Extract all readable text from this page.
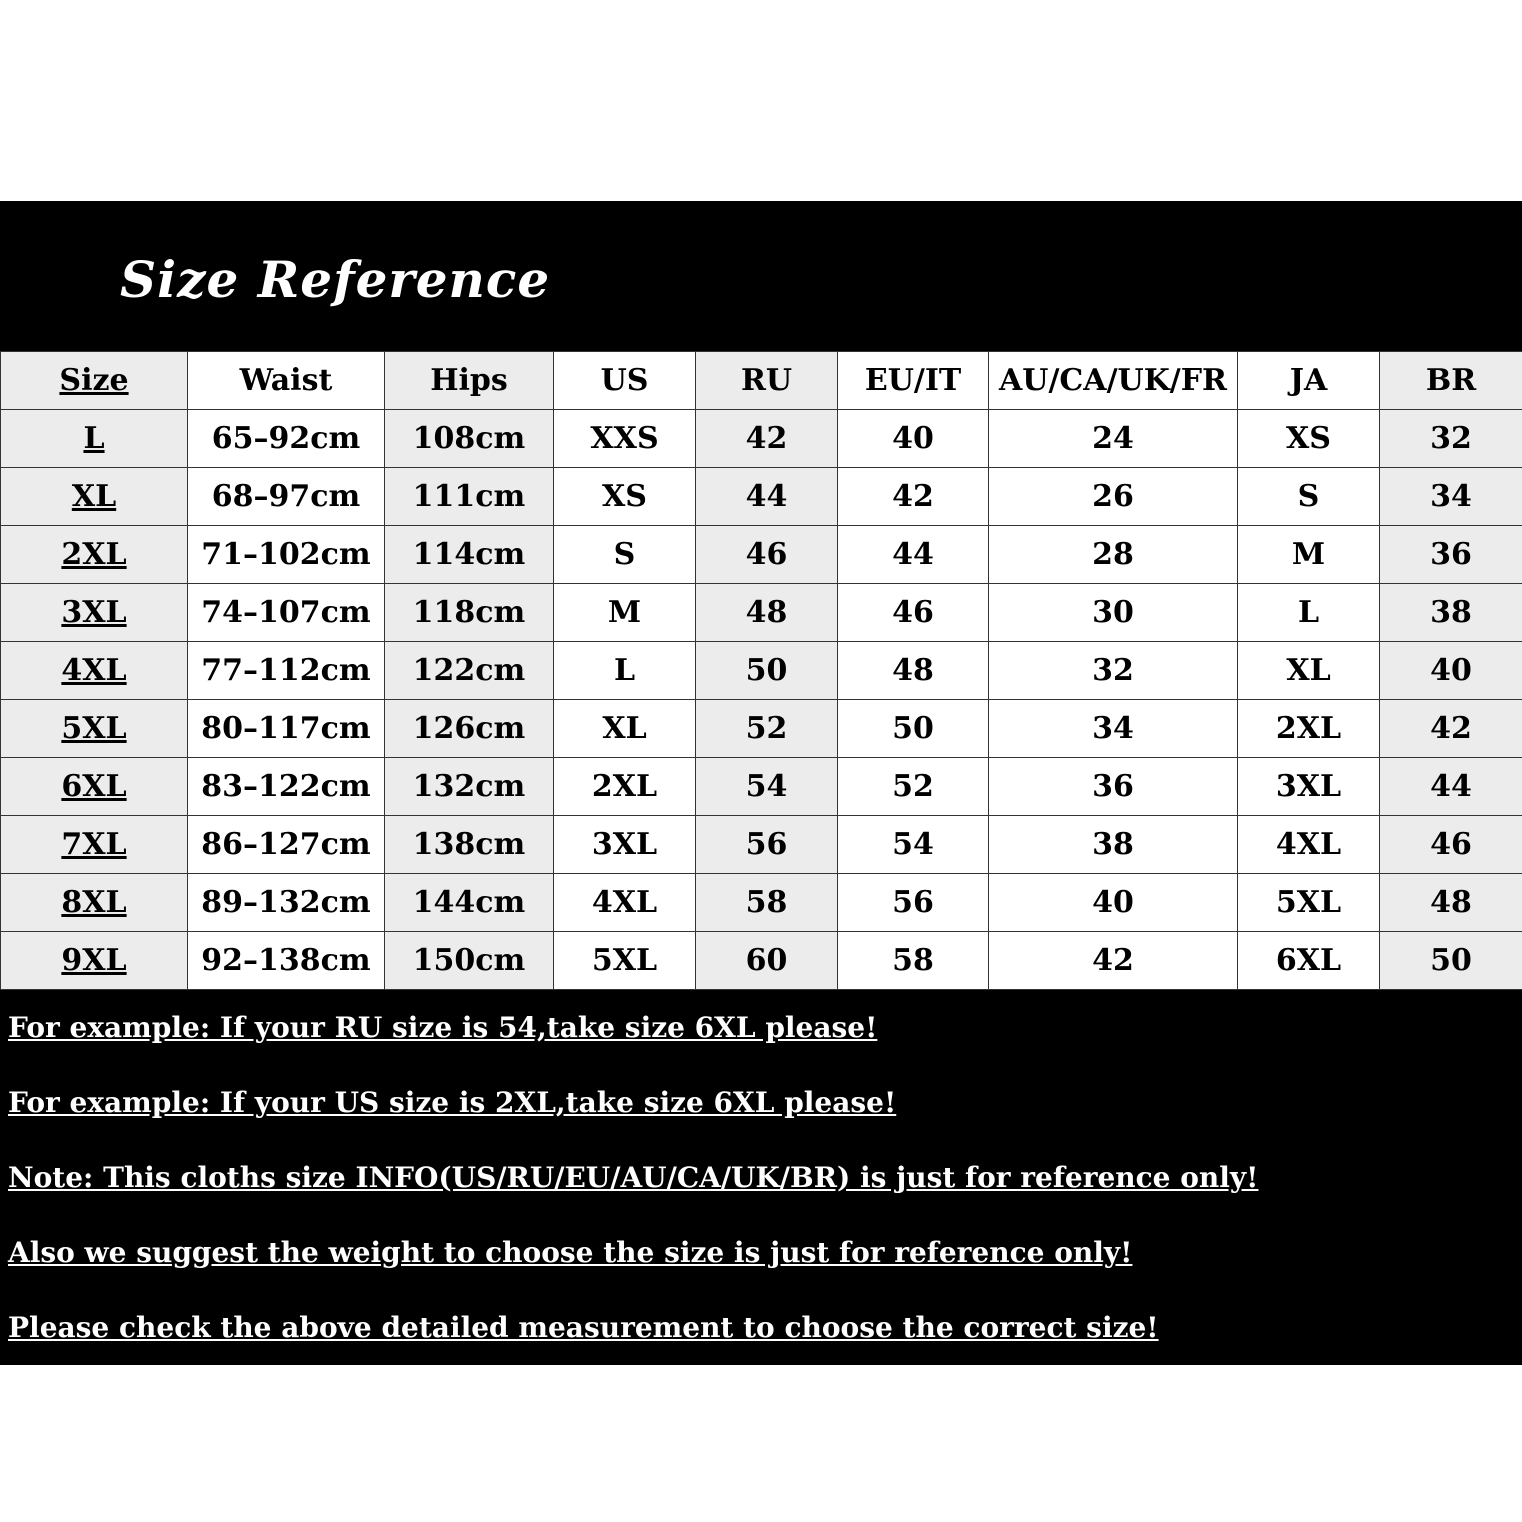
Size Reference
Size	Waist	Hips	US	RU	EU/IT	AU/CA/UK/FR	JA	BR
L	65–92cm	108cm	XXS	42	40	24	XS	32
XL	68–97cm	111cm	XS	44	42	26	S	34
2XL	71–102cm	114cm	S	46	44	28	M	36
3XL	74–107cm	118cm	M	48	46	30	L	38
4XL	77–112cm	122cm	L	50	48	32	XL	40
5XL	80–117cm	126cm	XL	52	50	34	2XL	42
6XL	83–122cm	132cm	2XL	54	52	36	3XL	44
7XL	86–127cm	138cm	3XL	56	54	38	4XL	46
8XL	89–132cm	144cm	4XL	58	56	40	5XL	48
9XL	92–138cm	150cm	5XL	60	58	42	6XL	50
For example: If your RU size is 54,take size 6XL please!
For example: If your US size is 2XL,take size 6XL please!
Note: This cloths size INFO(US/RU/EU/AU/CA/UK/BR) is just for reference only!
Also we suggest the weight to choose the size is just for reference only!
Please check the above detailed measurement to choose the correct size!
